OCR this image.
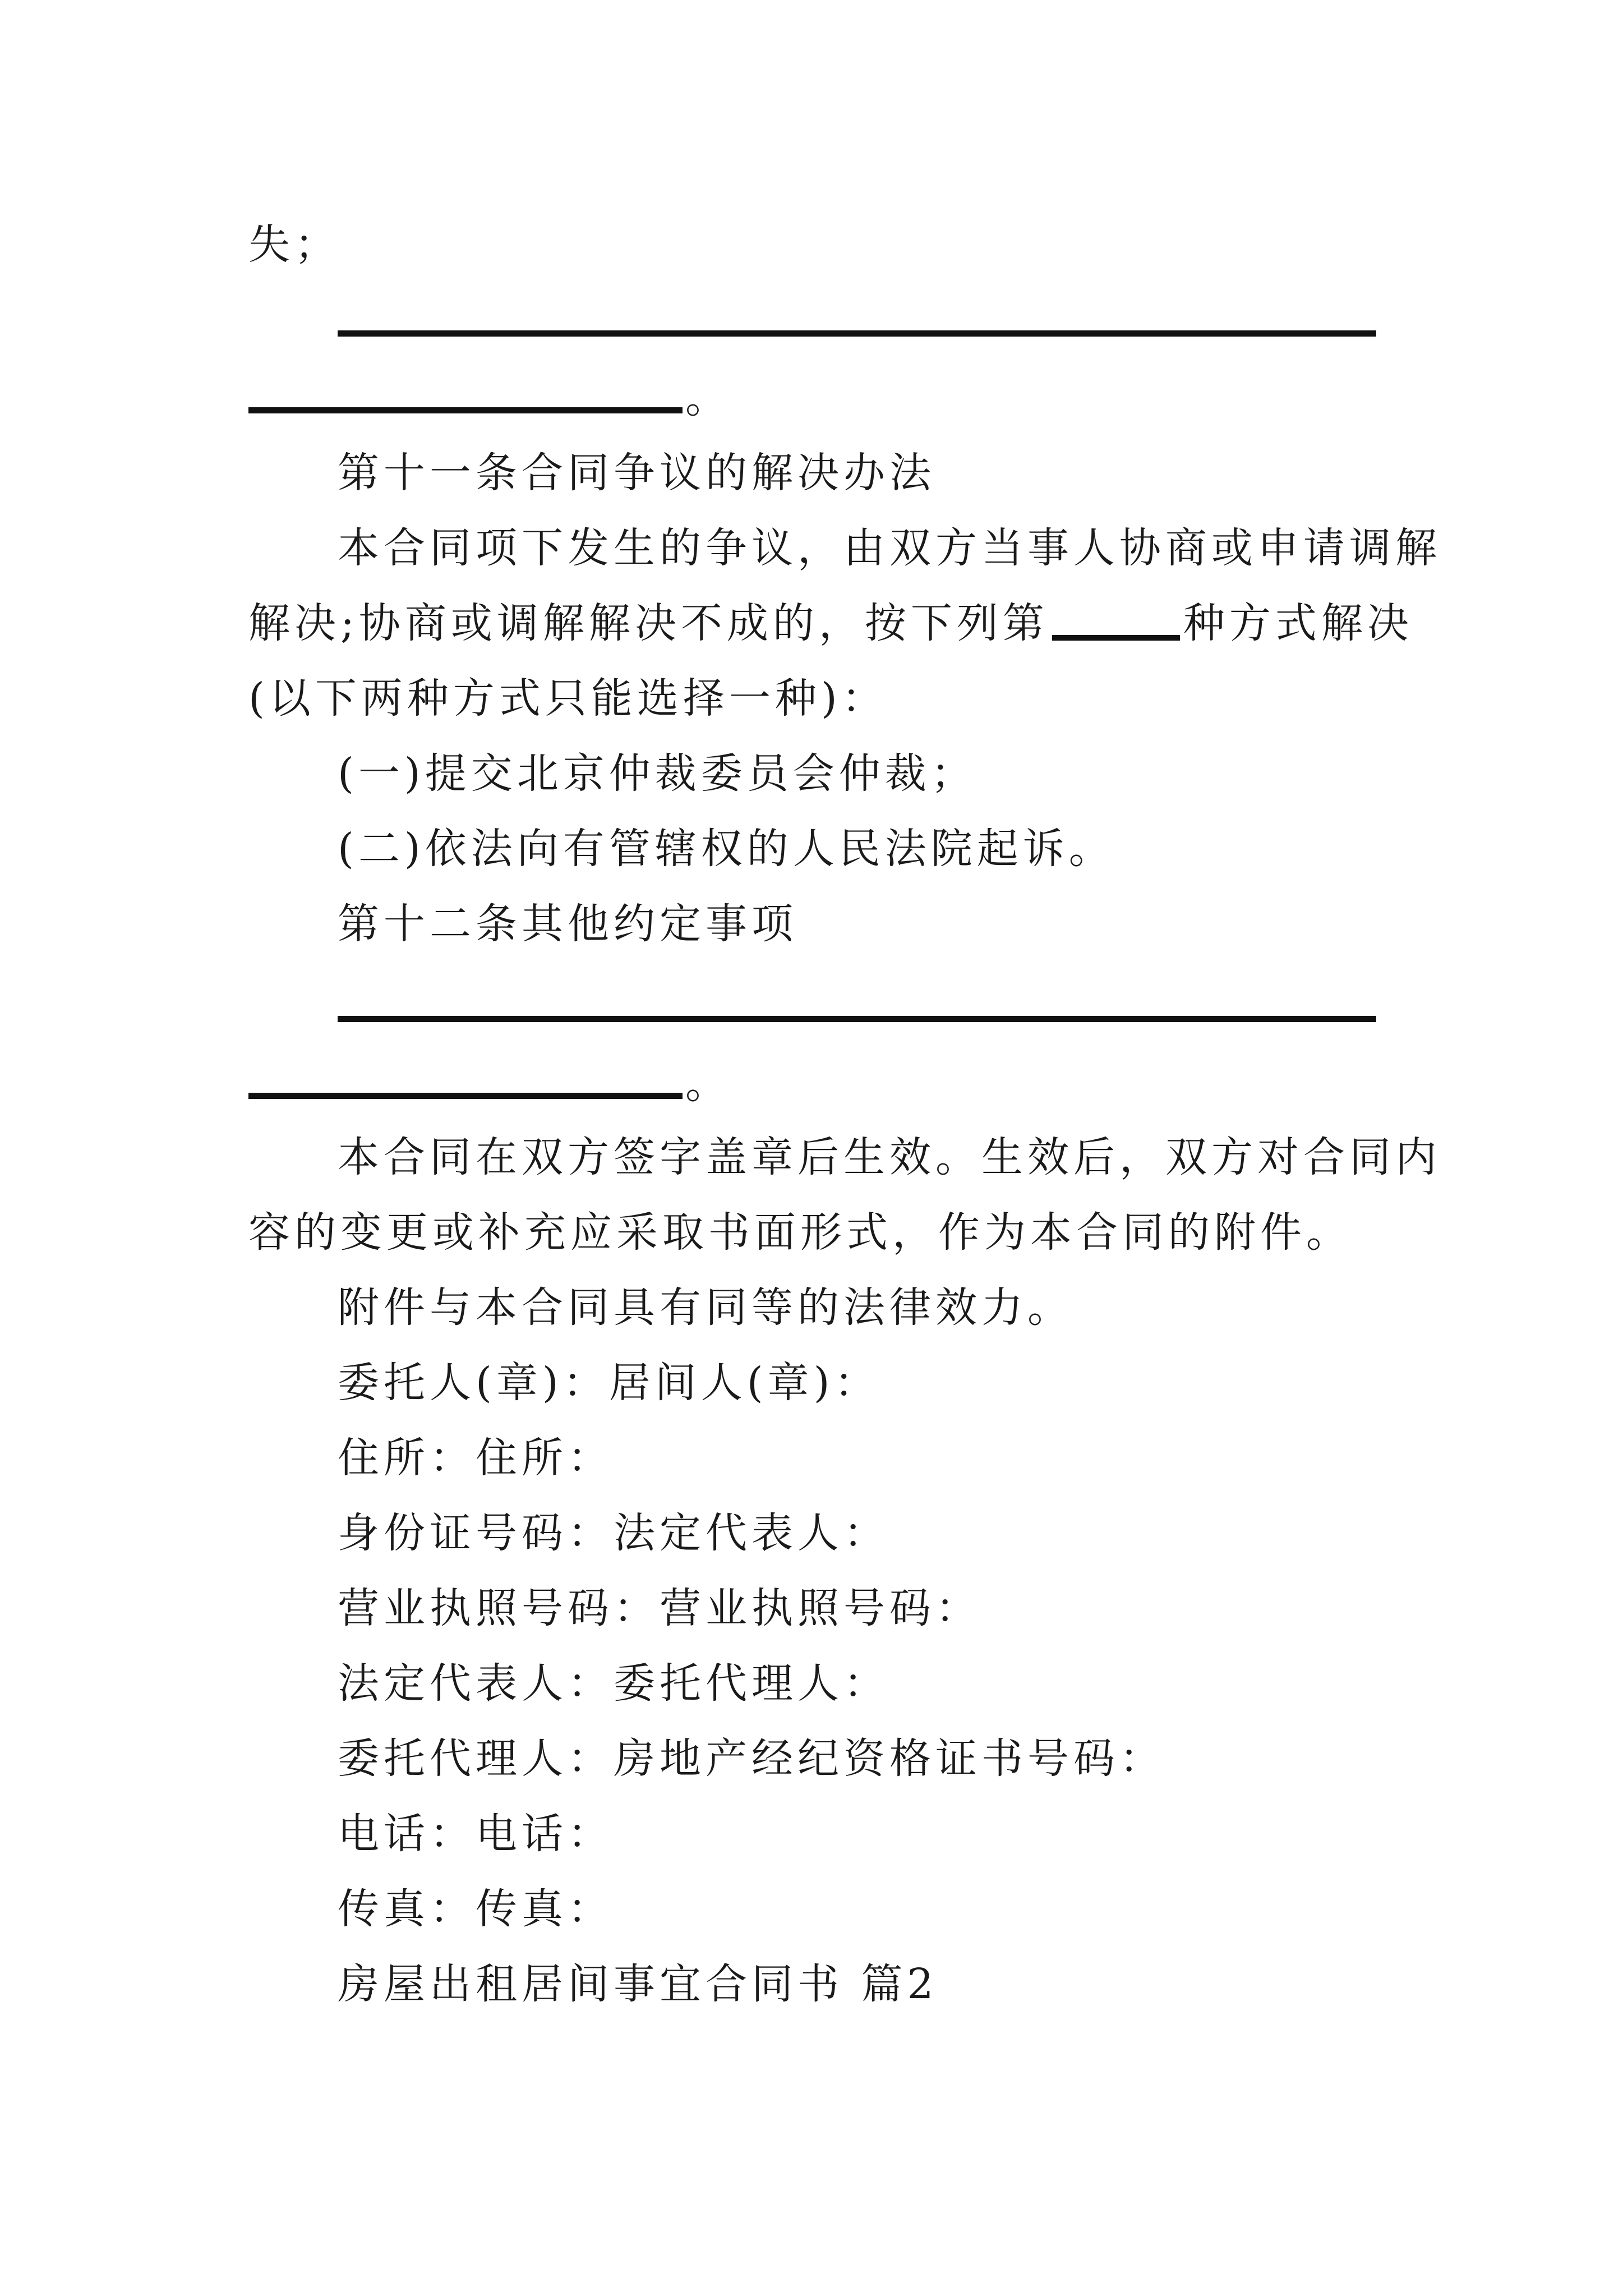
失；

。

第十一条合同争议的解决办法

本合同项下发生的争议，由双方当事人协商或申请调解

解决;协商或调解解决不成的，按下列第	种方式解决

(以下两种方式只能选择一种)：

(一)提交北京仲裁委员会仲裁；

(二)依法向有管辖权的人民法院起诉。

第十二条其他约定事项

。

本合同在双方签字盖章后生效。生效后，双方对合同内

容的变更或补充应采取书面形式，作为本合同的附件。

附件与本合同具有同等的法律效力。

委托人(章)：居间人(章)：

住所：住所：

身份证号码：法定代表人：

营业执照号码：营业执照号码：

法定代表人：委托代理人：

委托代理人：房地产经纪资格证书号码：

电话：电话：

传真：传真：

房屋出租居间事宜合同书 篇2
